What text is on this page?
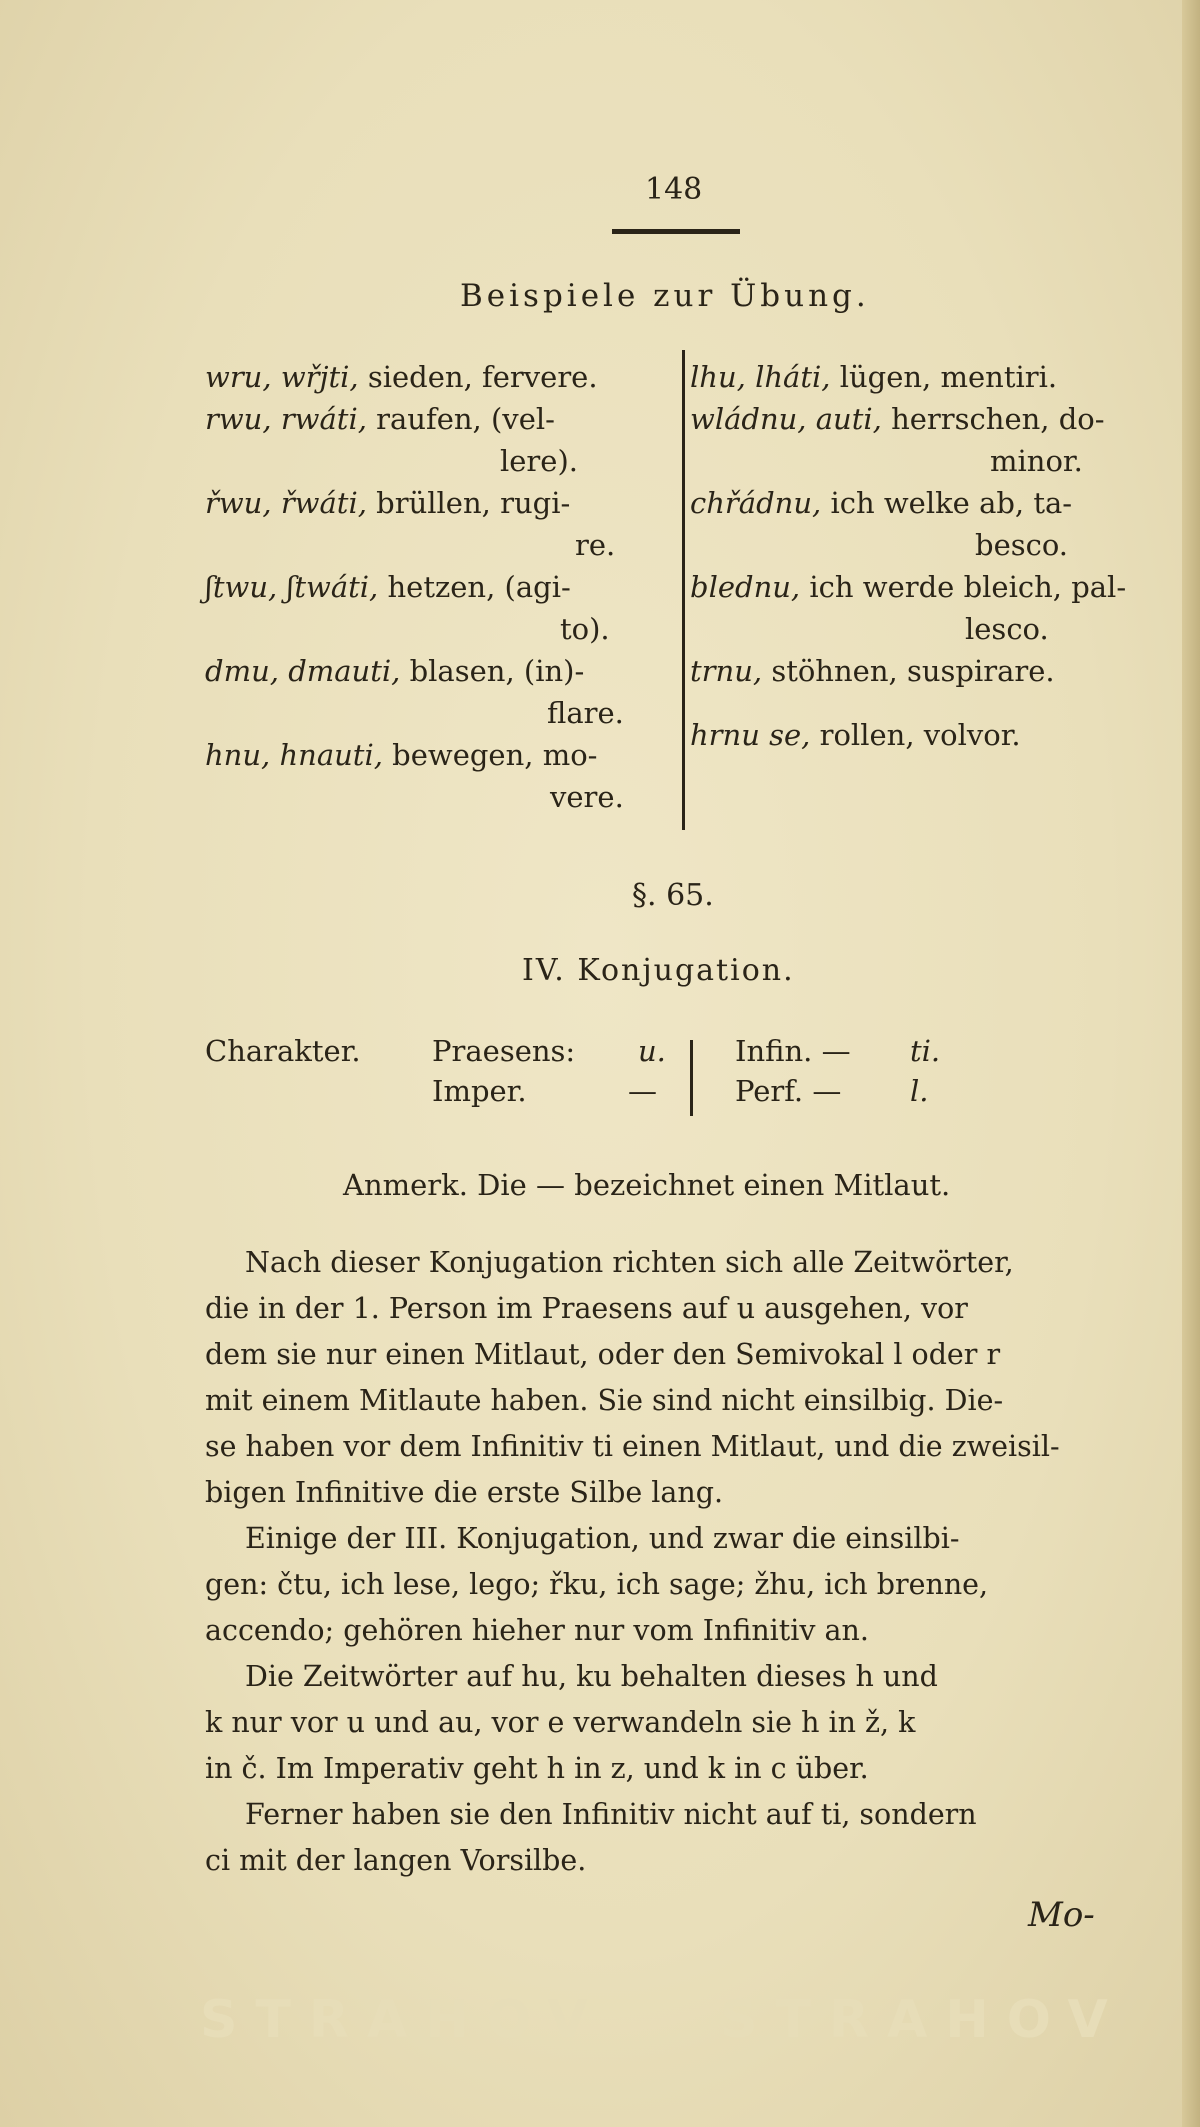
148
Beispiele zur Übung.
wru, wřjti, sieden, fervere.
rwu, rwáti, raufen, (vel-
lere).
řwu, řwáti, brüllen, rugi-
re.
ʃtwu, ʃtwáti, hetzen, (agi-
to).
dmu, dmauti, blasen, (in)-
flare.
hnu, hnauti, bewegen, mo-
vere.
lhu, lháti, lügen, mentiri.
wládnu, auti, herrschen, do-
minor.
chřádnu, ich welke ab, ta-
besco.
blednu, ich werde bleich, pal-
lesco.
trnu, stöhnen, suspirare.
hrnu se, rollen, volvor.
§. 65.
IV. Konjugation.
Charakter. Praesens: u.
Imper.	—
Infin. — ti.
Perf. — l.
Anmerk. Die — bezeichnet einen Mitlaut.
Nach dieser Konjugation richten sich alle Zeitwörter,
die in der 1. Person im Praesens auf u ausgehen, vor
dem sie nur einen Mitlaut, oder den Semivokal l oder r
mit einem Mitlaute haben. Sie sind nicht einsilbig. Die-
se haben vor dem Infinitiv ti einen Mitlaut, und die zweisil-
bigen Infinitive die erste Silbe lang.
Einige der III. Konjugation, und zwar die einsilbi-
gen: čtu, ich lese, lego; řku, ich sage; žhu, ich brenne,
accendo; gehören hieher nur vom Infinitiv an.
Die Zeitwörter auf hu, ku behalten dieses h und
k nur vor u und au, vor e verwandeln sie h in ž, k
in č. Im Imperativ geht h in z, und k in c über.
Ferner haben sie den Infinitiv nicht auf ti, sondern
ci mit der langen Vorsilbe.
Mo-
STRAHOV STRAHOV
